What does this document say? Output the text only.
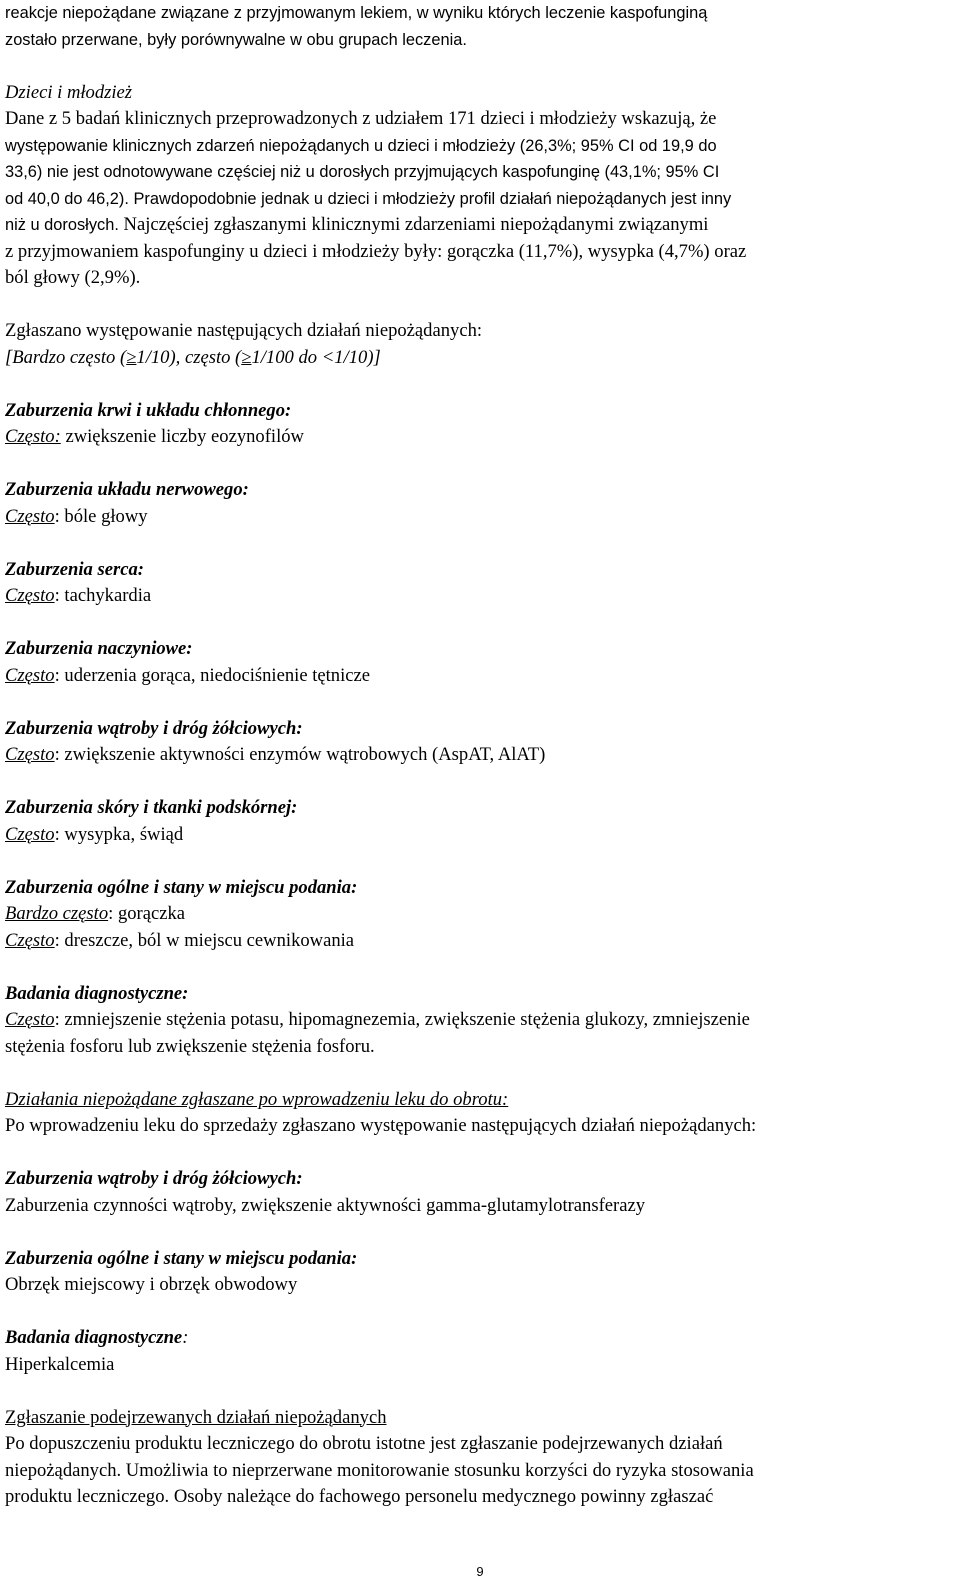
reakcje niepożądane związane z przyjmowanym lekiem, w wyniku których leczenie kaspofunginą

zostało przerwane, były porównywalne w obu grupach leczenia.

Dzieci i młodzież

Dane z 5 badań klinicznych przeprowadzonych z udziałem 171 dzieci i młodzieży wskazują, że

występowanie klinicznych zdarzeń niepożądanych u dzieci i młodzieży (26,3%; 95% CI od 19,9 do

33,6) nie jest odnotowywane częściej niż u dorosłych przyjmujących kaspofunginę (43,1%; 95% CI

od 40,0 do 46,2). Prawdopodobnie jednak u dzieci i młodzieży profil działań niepożądanych jest inny

niż u dorosłych. Najczęściej zgłaszanymi klinicznymi zdarzeniami niepożądanymi związanymi

z przyjmowaniem kaspofunginy u dzieci i młodzieży były: gorączka (11,7%), wysypka (4,7%) oraz

ból głowy (2,9%).

Zgłaszano występowanie następujących działań niepożądanych:

[Bardzo często (≥1/10), często (≥1/100 do <1/10)]

Zaburzenia krwi i układu chłonnego:

Często: zwiększenie liczby eozynofilów

Zaburzenia układu nerwowego:

Często: bóle głowy

Zaburzenia serca:

Często: tachykardia

Zaburzenia naczyniowe:

Często: uderzenia gorąca, niedociśnienie tętnicze

Zaburzenia wątroby i dróg żółciowych:

Często: zwiększenie aktywności enzymów wątrobowych (AspAT, AlAT)

Zaburzenia skóry i tkanki podskórnej:

Często: wysypka, świąd

Zaburzenia ogólne i stany w miejscu podania:

Bardzo często: gorączka

Często: dreszcze, ból w miejscu cewnikowania

Badania diagnostyczne:

Często: zmniejszenie stężenia potasu, hipomagnezemia, zwiększenie stężenia glukozy, zmniejszenie

stężenia fosforu lub zwiększenie stężenia fosforu.

Działania niepożądane zgłaszane po wprowadzeniu leku do obrotu:

Po wprowadzeniu leku do sprzedaży zgłaszano występowanie następujących działań niepożądanych:

Zaburzenia wątroby i dróg żółciowych:

Zaburzenia czynności wątroby, zwiększenie aktywności gamma-glutamylotransferazy

Zaburzenia ogólne i stany w miejscu podania:

Obrzęk miejscowy i obrzęk obwodowy

Badania diagnostyczne:

Hiperkalcemia

Zgłaszanie podejrzewanych działań niepożądanych

Po dopuszczeniu produktu leczniczego do obrotu istotne jest zgłaszanie podejrzewanych działań

niepożądanych. Umożliwia to nieprzerwane monitorowanie stosunku korzyści do ryzyka stosowania

produktu leczniczego. Osoby należące do fachowego personelu medycznego powinny zgłaszać

9
